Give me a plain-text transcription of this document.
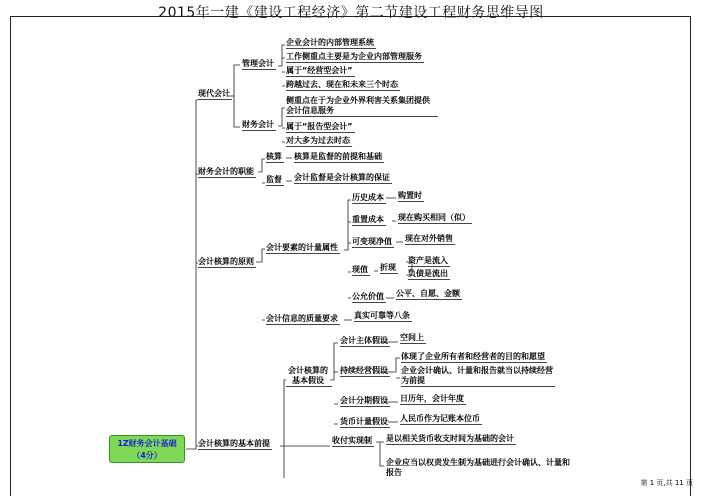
2015年一建《建设工程经济》第二节建设工程财务思维导图
现代会计
管理会计
企业会计的内部管理系统
工作侧重点主要是为企业内部管理服务
属于“经营型会计”
跨越过去、现在和未来三个时态
财务会计
侧重点在于为企业外界利害关系集团提供会计信息服务
属于“报告型会计”
对大多为过去时态
财务会计的职能
核算 核算是监督的前提和基础
监督 会计监督是会计核算的保证
会计核算的原则
会计要素的计量属性
历史成本 购置时
重置成本 现在购买相同（似）
可变现净值 现在对外销售
现值 折现
资产是流入
负债是流出
公允价值 公平、自愿、金额
会计信息的质量要求 真实可靠等八条
会计核算的基本前提
会计核算的基本假设
会计主体假设 空间上
持续经营假设
体现了企业所有者和经营者的目的和愿望
企业会计确认、计量和报告就当以持续经营为前提
会计分期假设 日历年，会计年度
货币计量假设 人民币作为记账本位币
收付实现制 是以相关货币收支时间为基础的会计
企业应当以权责发生制为基础进行会计确认、计量和报告
1Z财务会计基础
（4分）
第 1 页,共 11 页
